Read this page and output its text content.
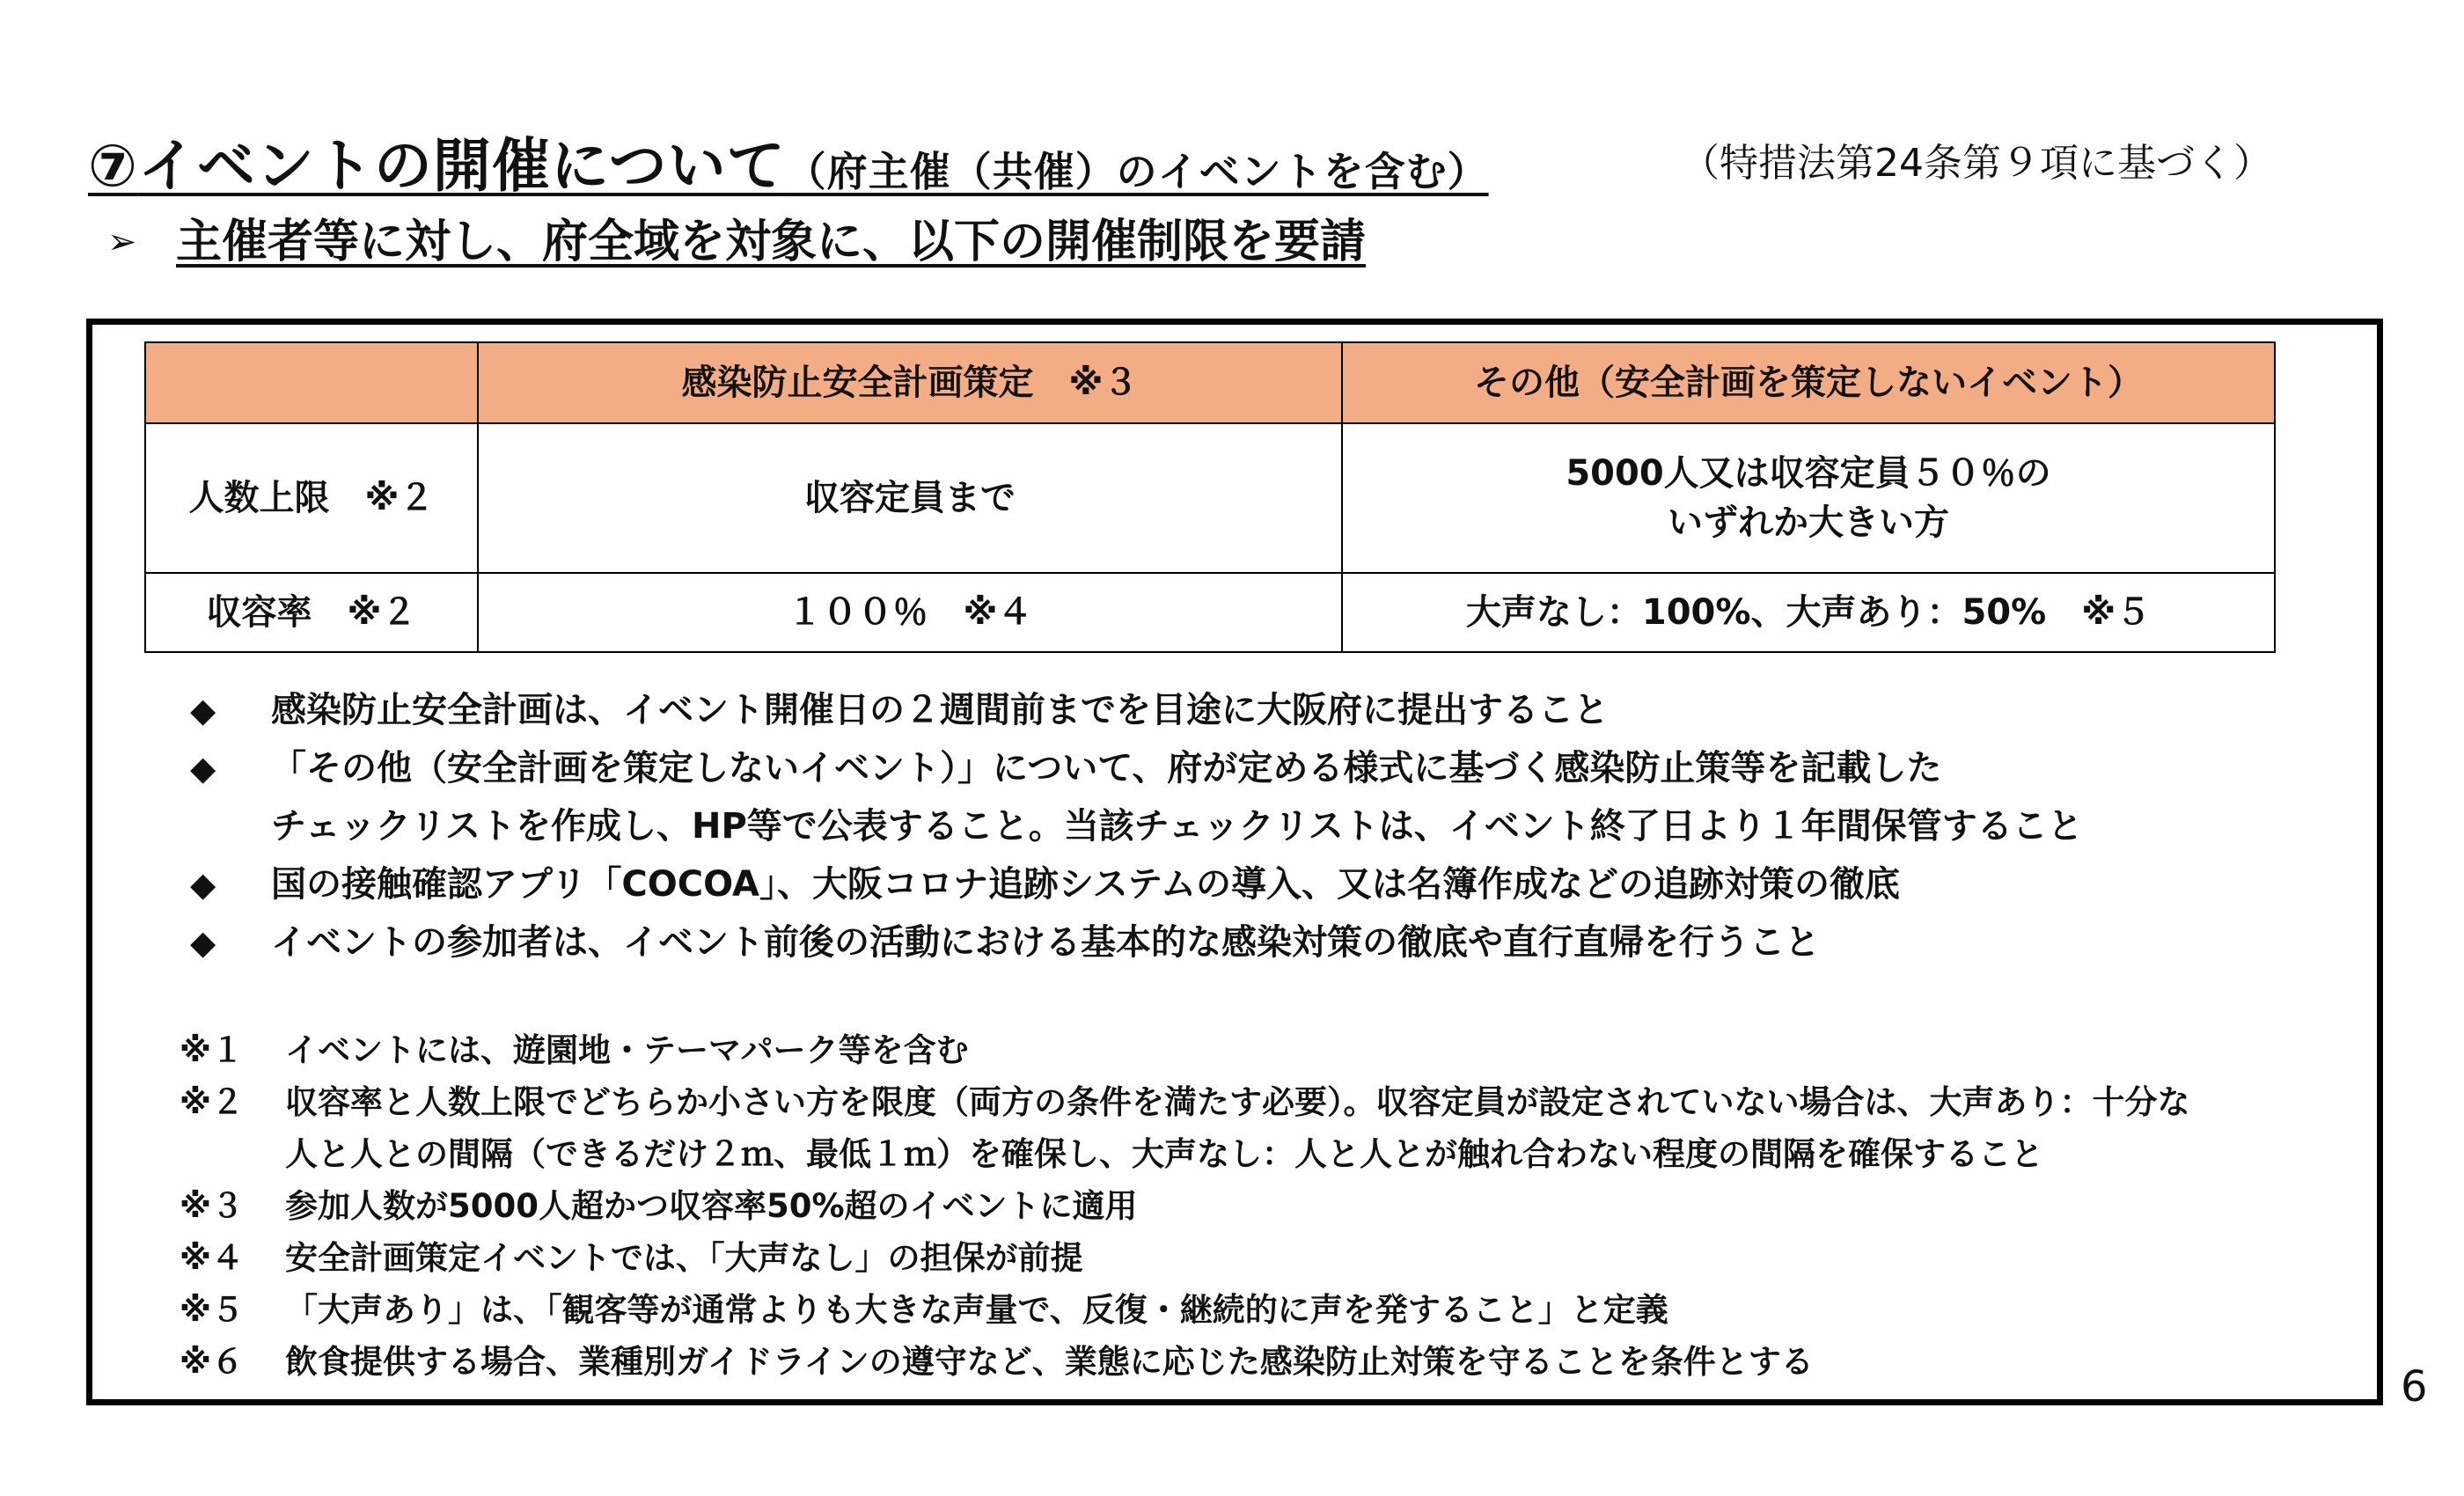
⑦イベントの開催について（府主催（共催）のイベントを含む）	（特措法第24条第９項に基づく）
➢ 主催者等に対し、府全域を対象に、以下の開催制限を要請
	感染防止安全計画策定　※３	その他（安全計画を策定しないイベント）
人数上限　※２	収容定員まで	5000人又は収容定員５０％の
いずれか大きい方

収容率　※２	１００％　※４	大声なし：100%、大声あり：50%　※５
◆ 感染防止安全計画は、イベント開催日の２週間前までを目途に大阪府に提出すること
◆ 「その他（安全計画を策定しないイベント）」について、府が定める様式に基づく感染防止策等を記載した
チェックリストを作成し、HP等で公表すること。当該チェックリストは、イベント終了日より１年間保管すること
◆ 国の接触確認アプリ「COCOA」、大阪コロナ追跡システムの導入、又は名簿作成などの追跡対策の徹底
◆ イベントの参加者は、イベント前後の活動における基本的な感染対策の徹底や直行直帰を行うこと
※１ イベントには、遊園地・テーマパーク等を含む
※２ 収容率と人数上限でどちらか小さい方を限度（両方の条件を満たす必要）。収容定員が設定されていない場合は、大声あり：十分な
人と人との間隔（できるだけ２ｍ、最低１ｍ）を確保し、大声なし：人と人とが触れ合わない程度の間隔を確保すること
※３ 参加人数が5000人超かつ収容率50%超のイベントに適用
※４ 安全計画策定イベントでは、「大声なし」の担保が前提
※５ 「大声あり」は、「観客等が通常よりも大きな声量で、反復・継続的に声を発すること」と定義
※６ 飲食提供する場合、業種別ガイドラインの遵守など、業態に応じた感染防止対策を守ることを条件とする
6
